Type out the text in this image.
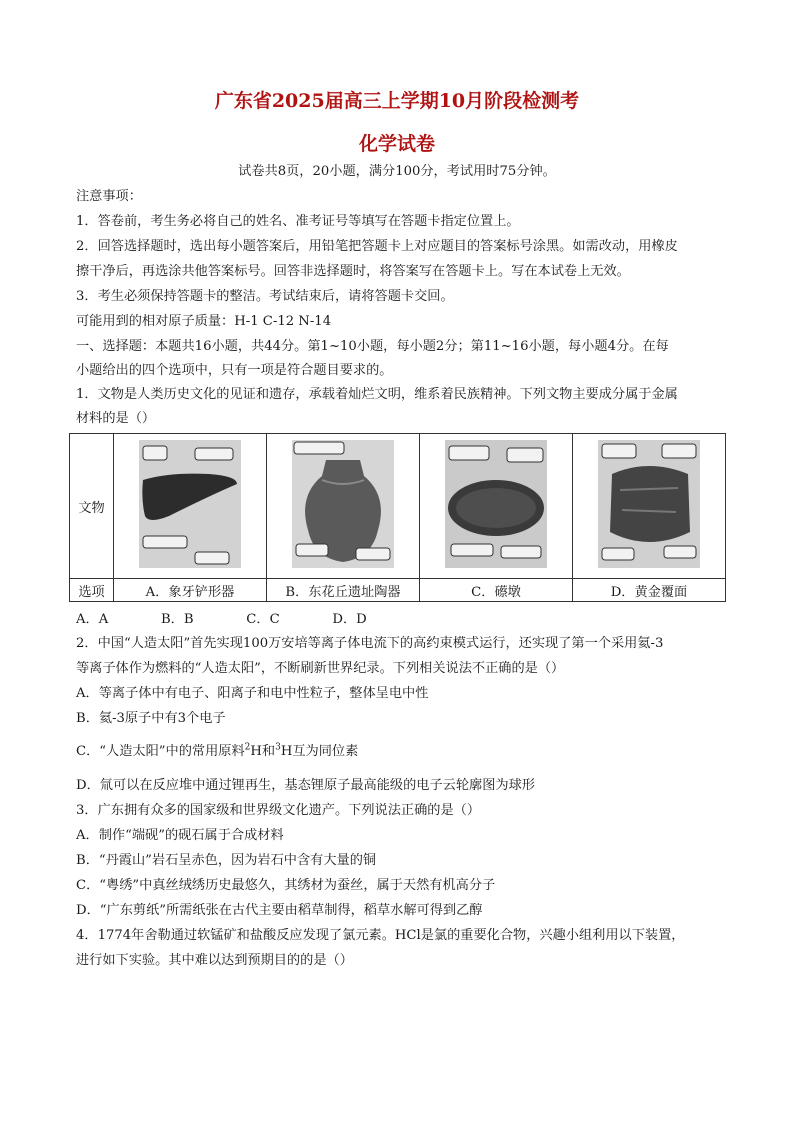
广东省2025届高三上学期10月阶段检测考
化学试卷
试卷共8页，20小题，满分100分，考试用时75分钟。
注意事项：
1．答卷前，考生务必将自己的姓名、准考证号等填写在答题卡指定位置上。
2．回答选择题时，选出每小题答案后，用铅笔把答题卡上对应题目的答案标号涂黑。如需改动，用橡皮
擦干净后，再选涂共他答案标号。回答非选择题时，将答案写在答题卡上。写在本试卷上无效。
3．考生必须保持答题卡的整洁。考试结束后，请将答题卡交回。
可能用到的相对原子质量：H-1 C-12 N-14
一、选择题：本题共16小题，共44分。第1~10小题，每小题2分；第11~16小题，每小题4分。在每
小题给出的四个选项中，只有一项是符合题目要求的。
1．文物是人类历史文化的见证和遗存，承载着灿烂文明，维系着民族精神。下列文物主要成分属于金属
材料的是（）
文物	

选项	A．象牙铲形器	B．东花丘遗址陶器	C．礤墩	D．黄金覆面
A．A　　　　B．B　　　　C．C　　　　D．D
2．中国“人造太阳”首先实现100万安培等离子体电流下的高约束模式运行，还实现了第一个采用氦-3
等离子体作为燃料的“人造太阳”，不断刷新世界纪录。下列相关说法不正确的是（）
A．等离子体中有电子、阳离子和电中性粒子，整体呈电中性
B．氦-3原子中有3个电子
C．“人造太阳”中的常用原料$^2$H和$^3$H互为同位素
D．氚可以在反应堆中通过锂再生，基态锂原子最高能级的电子云轮廓图为球形
3．广东拥有众多的国家级和世界级文化遗产。下列说法正确的是（）
A．制作“端砚”的砚石属于合成材料
B．“丹霞山”岩石呈赤色，因为岩石中含有大量的铜
C．“粤绣”中真丝绒绣历史最悠久，其绣材为蚕丝，属于天然有机高分子
D．“广东剪纸”所需纸张在古代主要由稻草制得，稻草水解可得到乙醇
4．1774年舍勒通过软锰矿和盐酸反应发现了氯元素。HCl是氯的重要化合物，兴趣小组利用以下装置，
进行如下实验。其中难以达到预期目的的是（）
